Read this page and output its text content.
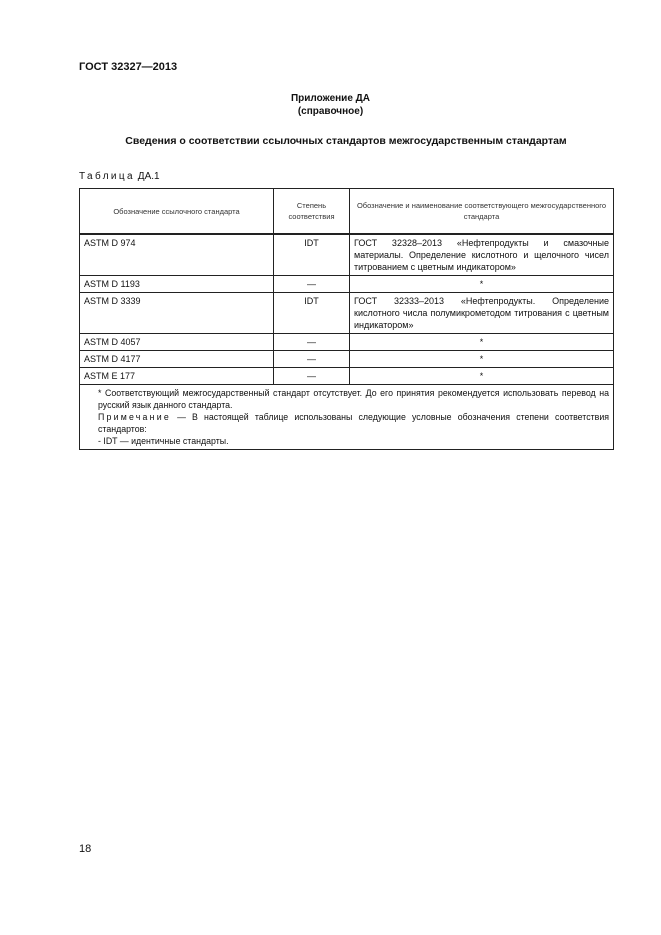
ГОСТ 32327—2013
Приложение ДА
(справочное)
Сведения о соответствии ссылочных стандартов межгосударственным стандартам
Таблица ДА.1
Обозначение ссылочного стандарта	Степень соответствия	Обозначение и наименование соответствующего межгосударственного стандарта
ASTM D 974	IDT	ГОСТ 32328–2013 «Нефтепродукты и смазочные материалы. Определение кислотного и щелочного чисел титрованием с цветным индикатором»
ASTM D 1193	—	*
ASTM D 3339	IDT	ГОСТ 32333–2013 «Нефтепродукты. Определение кислотного числа полумикрометодом титрования с цветным индикатором»
ASTM D 4057	—	*
ASTM D 4177	—	*
ASTM E 177	—	*

* Соответствующий межгосударственный стандарт отсутствует. До его принятия рекомендуется использовать перевод на русский язык данного стандарта.

Примечание — В настоящей таблице использованы следующие условные обозначения степени соответствия стандартов:

- IDT — идентичные стандарты.		

18
